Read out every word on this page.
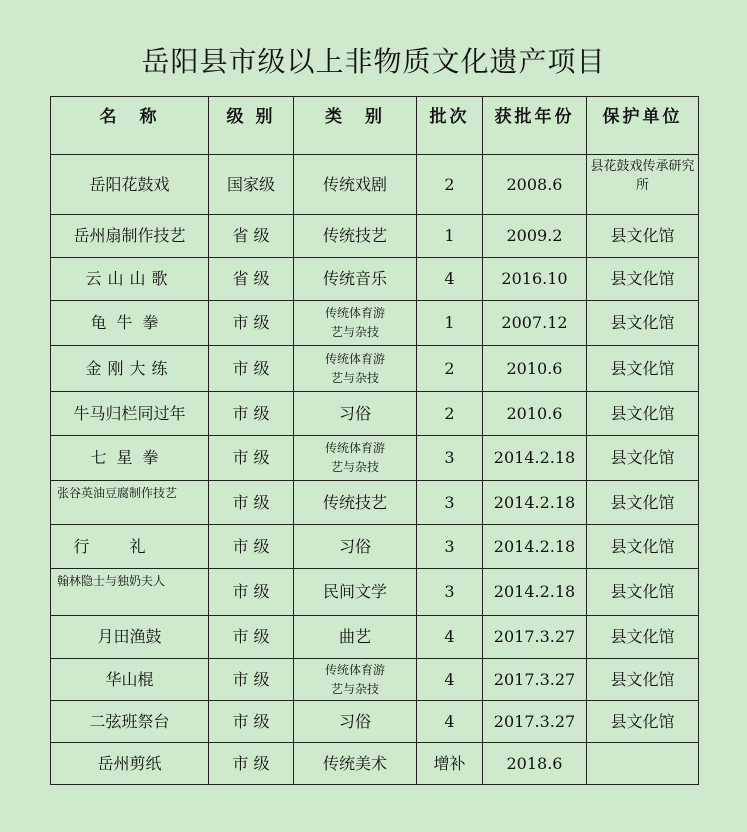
岳阳县市级以上非物质文化遗产项目
名　称	级 别	类　别	批次	获批年份	保护单位
岳阳花鼓戏	国家级	传统戏剧	2	2008.6	县花鼓戏传承研究所
岳州扇制作技艺	省 级	传统技艺	1	2009.2	县文化馆
云山山歌	省 级	传统音乐	4	2016.10	县文化馆
龟牛拳	市 级	传统体育游艺与杂技	1	2007.12	县文化馆
金刚大练	市 级	传统体育游艺与杂技	2	2010.6	县文化馆
牛马归栏同过年	市 级	习俗	2	2010.6	县文化馆
七星拳	市 级	传统体育游艺与杂技	3	2014.2.18	县文化馆
张谷英油豆腐制作技艺	市 级	传统技艺	3	2014.2.18	县文化馆
行礼	市 级	习俗	3	2014.2.18	县文化馆
翰林隐士与独奶夫人	市 级	民间文学	3	2014.2.18	县文化馆
月田渔鼓	市 级	曲艺	4	2017.3.27	县文化馆
华山棍	市 级	传统体育游艺与杂技	4	2017.3.27	县文化馆
二弦班祭台	市 级	习俗	4	2017.3.27	县文化馆
岳州剪纸	市 级	传统美术	增补	2018.6	
